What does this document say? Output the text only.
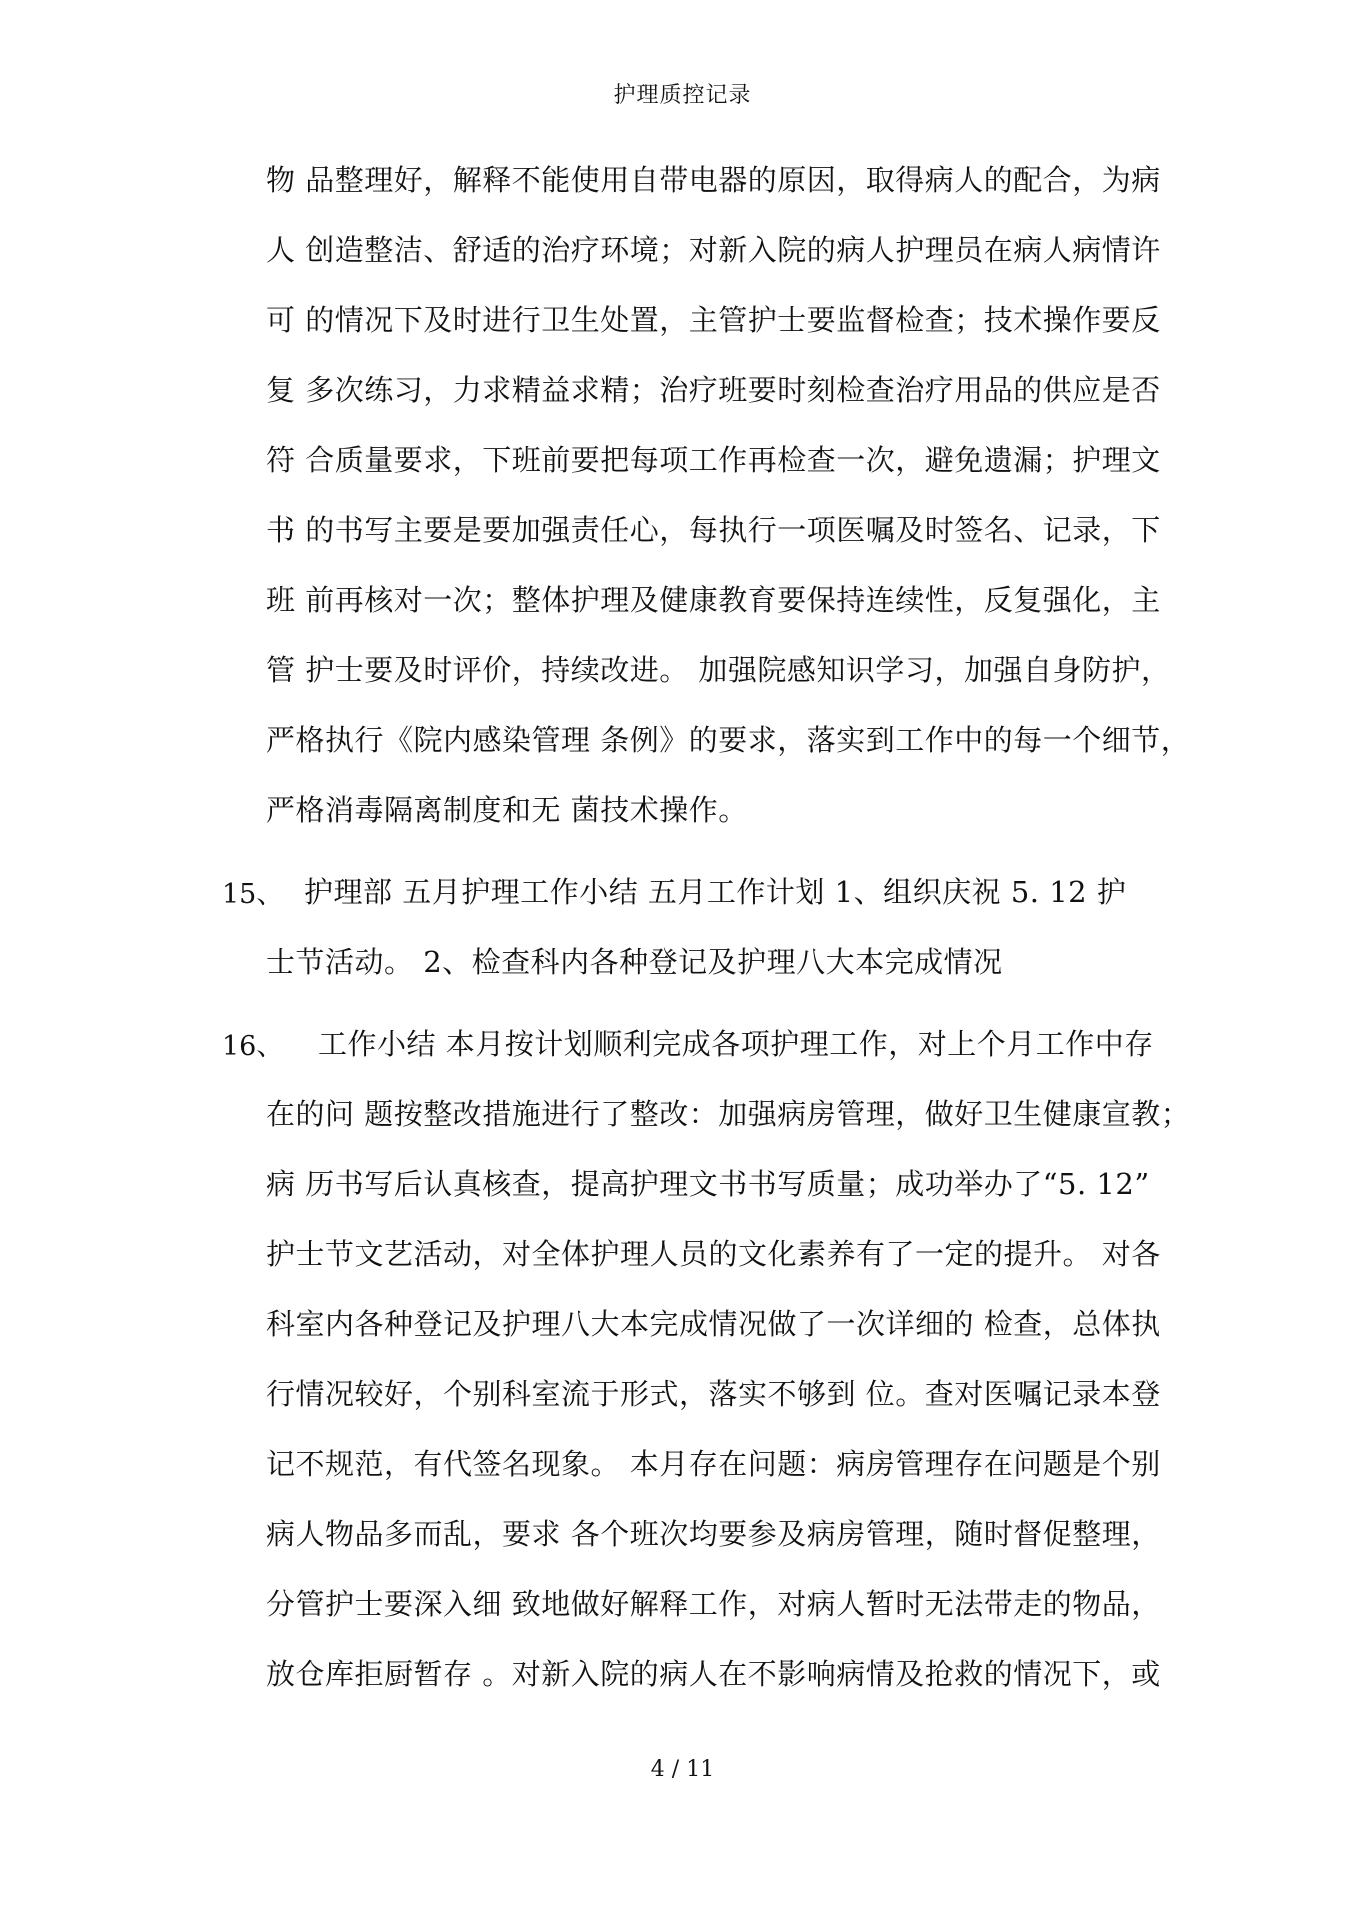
护理质控记录
物 品整理好，解释不能使用自带电器的原因，取得病人的配合，为病
人 创造整洁、舒适的治疗环境；对新入院的病人护理员在病人病情许
可 的情况下及时进行卫生处置，主管护士要监督检查；技术操作要反
复 多次练习，力求精益求精；治疗班要时刻检查治疗用品的供应是否
符 合质量要求，下班前要把每项工作再检查一次，避免遗漏；护理文
书 的书写主要是要加强责任心，每执行一项医嘱及时签名、记录，下
班 前再核对一次；整体护理及健康教育要保持连续性，反复强化，主
管 护士要及时评价，持续改进。 加强院感知识学习，加强自身防护，
严格执行《院内感染管理 条例》的要求，落实到工作中的每一个细节，
严格消毒隔离制度和无 菌技术操作。
15、 护理部 五月护理工作小结 五月工作计划 1、组织庆祝 5. 12 护
士节活动。 2、检查科内各种登记及护理八大本完成情况
16、 工作小结 本月按计划顺利完成各项护理工作，对上个月工作中存
在的问 题按整改措施进行了整改：加强病房管理，做好卫生健康宣教；
病 历书写后认真核查，提高护理文书书写质量；成功举办了“5. 12”
护士节文艺活动，对全体护理人员的文化素养有了一定的提升。 对各
科室内各种登记及护理八大本完成情况做了一次详细的 检查，总体执
行情况较好，个别科室流于形式，落实不够到 位。查对医嘱记录本登
记不规范，有代签名现象。 本月存在问题：病房管理存在问题是个别
病人物品多而乱，要求 各个班次均要参及病房管理，随时督促整理，
分管护士要深入细 致地做好解释工作，对病人暂时无法带走的物品，
放仓库拒厨暂存 。对新入院的病人在不影响病情及抢救的情况下，或
4 / 11
